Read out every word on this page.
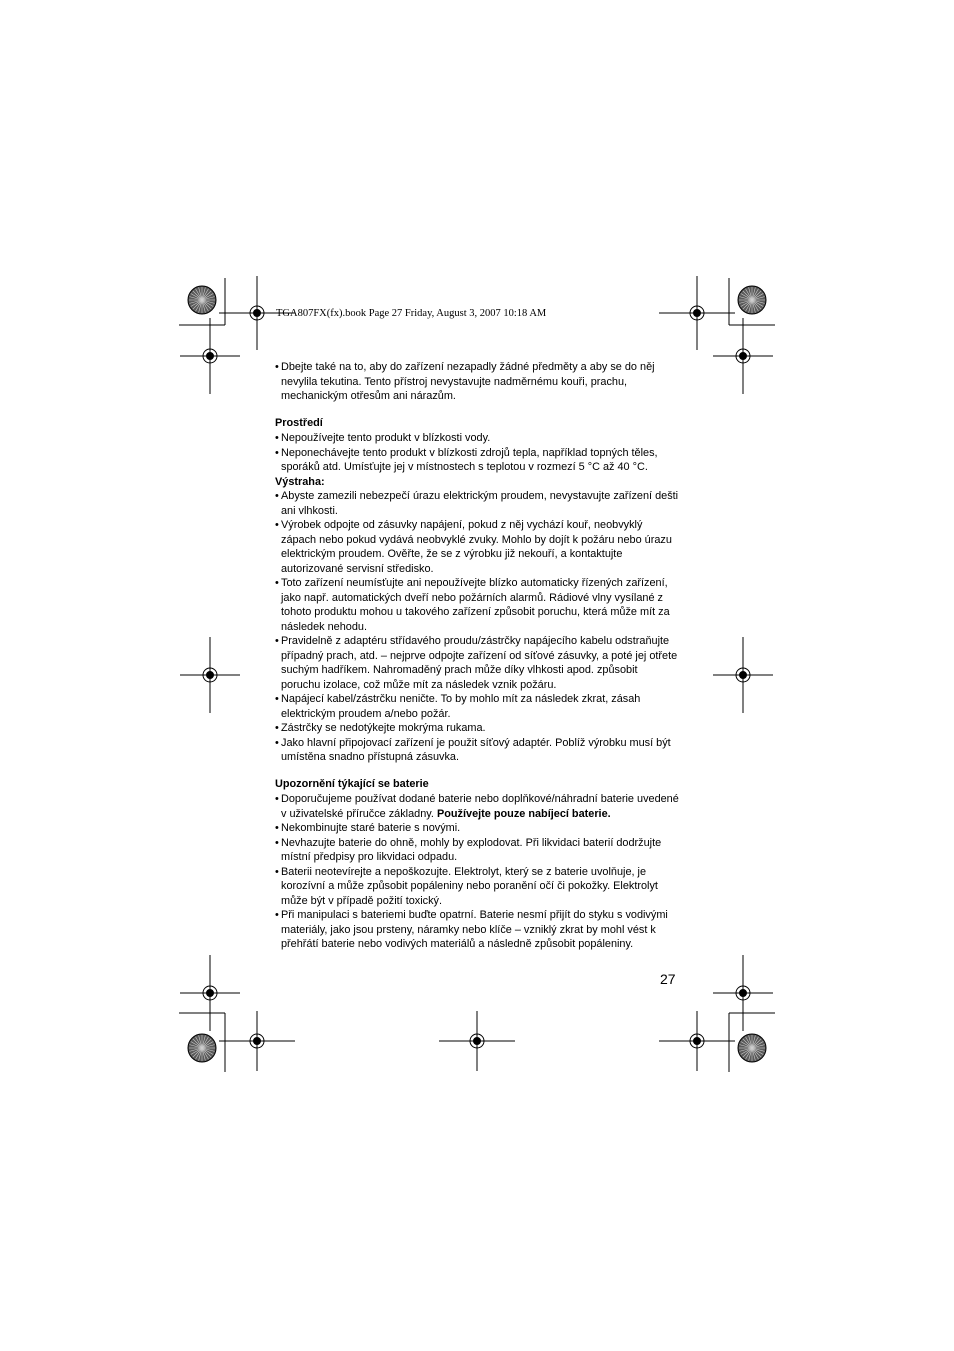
TGA807FX(fx).book Page 27 Friday, August 3, 2007 10:18 AM
• Dbejte také na to, aby do zařízení nezapadly žádné předměty a aby se do něj nevylila tekutina. Tento přístroj nevystavujte nadměrnému kouři, prachu, mechanickým otřesům ani nárazům.

Prostředí

• Nepoužívejte tento produkt v blízkosti vody.
• Neponechávejte tento produkt v blízkosti zdrojů tepla, například topných těles, sporáků atd. Umísťujte jej v místnostech s teplotou v rozmezí 5 °C až 40 °C.

Výstraha:

• Abyste zamezili nebezpečí úrazu elektrickým proudem, nevystavujte zařízení dešti ani vlhkosti.
• Výrobek odpojte od zásuvky napájení, pokud z něj vychází kouř, neobvyklý zápach nebo pokud vydává neobvyklé zvuky. Mohlo by dojít k požáru nebo úrazu elektrickým proudem. Ověřte, že se z výrobku již nekouří, a kontaktujte autorizované servisní středisko.
• Toto zařízení neumísťujte ani nepoužívejte blízko automaticky řízených zařízení, jako např. automatických dveří nebo požárních alarmů. Rádiové vlny vysílané z tohoto produktu mohou u takového zařízení způsobit poruchu, která může mít za následek nehodu.
• Pravidelně z adaptéru střídavého proudu/zástrčky napájecího kabelu odstraňujte případný prach, atd. – nejprve odpojte zařízení od síťové zásuvky, a poté jej otřete suchým hadříkem. Nahromaděný prach může díky vlhkosti apod. způsobit poruchu izolace, což může mít za následek vznik požáru.
• Napájecí kabel/zástrčku neničte. To by mohlo mít za následek zkrat, zásah elektrickým proudem a/nebo požár.
• Zástrčky se nedotýkejte mokrýma rukama.
• Jako hlavní připojovací zařízení je použit síťový adaptér. Poblíž výrobku musí být umístěna snadno přístupná zásuvka.

Upozornění týkající se baterie

• Doporučujeme používat dodané baterie nebo doplňkové/náhradní baterie uvedené v uživatelské příručce základny. Používejte pouze nabíjecí baterie.
• Nekombinujte staré baterie s novými.
• Nevhazujte baterie do ohně, mohly by explodovat. Při likvidaci baterií dodržujte místní předpisy pro likvidaci odpadu.
• Baterii neotevírejte a nepoškozujte. Elektrolyt, který se z baterie uvolňuje, je korozívní a může způsobit popáleniny nebo poranění očí či pokožky. Elektrolyt může být v případě požití toxický.
• Při manipulaci s bateriemi buďte opatrní. Baterie nesmí přijít do styku s vodivými materiály, jako jsou prsteny, náramky nebo klíče – vzniklý zkrat by mohl vést k přehřátí baterie nebo vodivých materiálů a následně způsobit popáleniny.
27
